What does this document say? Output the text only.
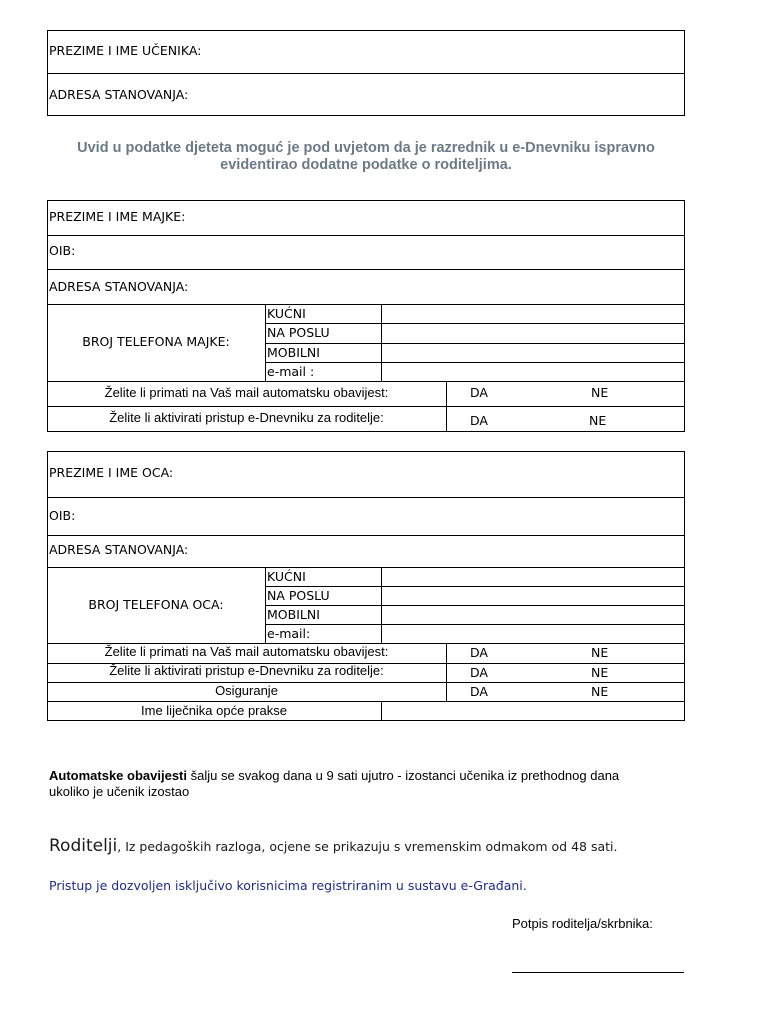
PREZIME I IME UČENIKA:
ADRESA STANOVANJA:
Uvid u podatke djeteta moguć je pod uvjetom da je razrednik u e-Dnevniku ispravno
evidentirao dodatne podatke o roditeljima.
PREZIME I IME MAJKE:
OIB:
ADRESA STANOVANJA:
BROJ TELEFONA MAJKE:
KUĆNI
NA POSLU
MOBILNI
e-mail :
Želite li primati na Vaš mail automatsku obavijest:	DA	NE
Želite li aktivirati pristup e-Dnevniku za roditelje:	DA	NE
PREZIME I IME OCA:
OIB:
ADRESA STANOVANJA:
BROJ TELEFONA OCA:
KUĆNI
NA POSLU
MOBILNI
e-mail:
Želite li primati na Vaš mail automatsku obavijest:	DA	NE
Želite li aktivirati pristup e-Dnevniku za roditelje:	DA	NE
Osiguranje	DA	NE
Ime liječnika opće prakse
Automatske obavijesti šalju se svakog dana u 9 sati ujutro - izostanci učenika iz prethodnog dana
ukoliko je učenik izostao
Roditelji, Iz pedagoških razloga, ocjene se prikazuju s vremenskim odmakom od 48 sati.
Pristup je dozvoljen isključivo korisnicima registriranim u sustavu e-Građani.
Potpis roditelja/skrbnika:
